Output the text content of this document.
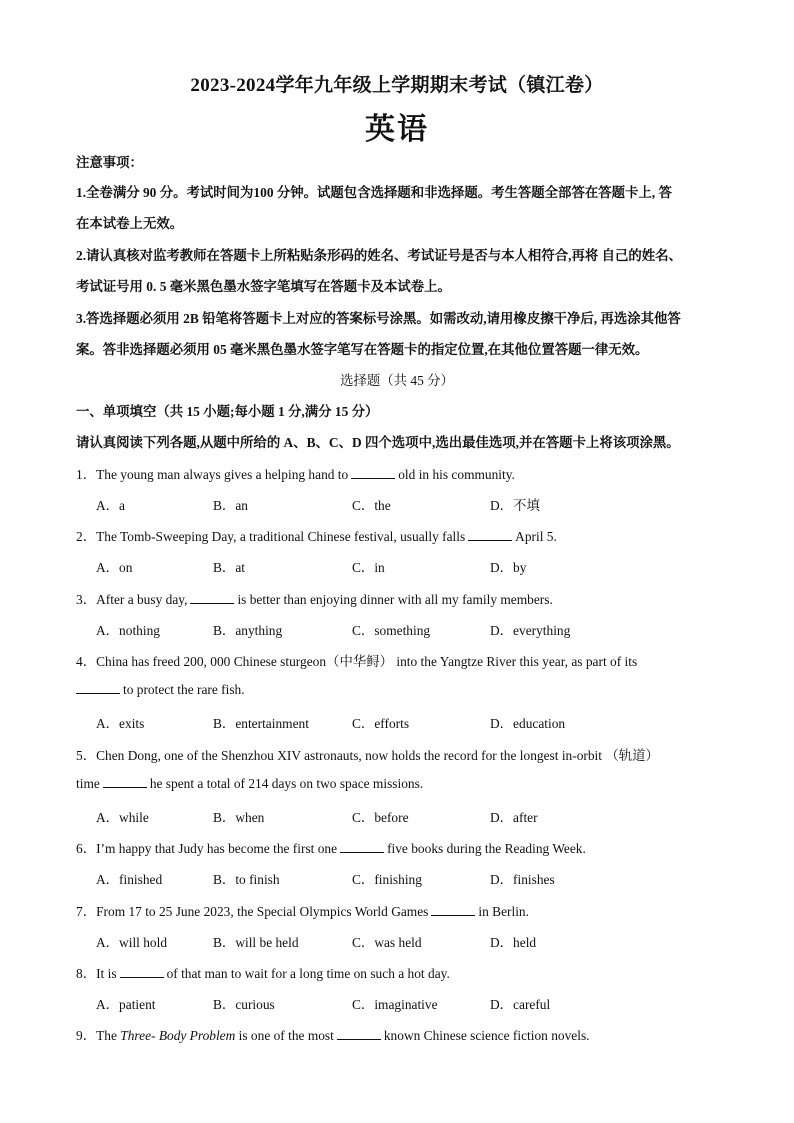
2023-2024学年九年级上学期期末考试（镇江卷）
英语
注意事项：
1.全卷满分 90 分。考试时间为100 分钟。试题包含选择题和非选择题。考生答题全部答在答题卡上, 答
在本试卷上无效。
2.请认真核对监考教师在答题卡上所粘贴条形码的姓名、考试证号是否与本人相符合,再将 自己的姓名、
考试证号用 0. 5 毫米黑色墨水签字笔填写在答题卡及本试卷上。
3.答选择题必须用 2B 铅笔将答题卡上对应的答案标号涂黑。如需改动,请用橡皮擦干净后, 再选涂其他答
案。答非选择题必须用 05 毫米黑色墨水签字笔写在答题卡的指定位置,在其他位置答题一律无效。
选择题（共 45 分）
一、单项填空（共 15 小题;每小题 1 分,满分 15 分）
请认真阅读下列各题,从题中所给的 A、B、C、D 四个选项中,选出最佳选项,并在答题卡上将该项涂黑。
1．The young man always gives a helping hand to	old in his community.
A．a	B．an	C．the	D．不填
2．The Tomb-Sweeping Day, a traditional Chinese festival, usually falls	April 5.
A．on	B．at	C．in	D．by
3．After a busy day,	is better than enjoying dinner with all my family members.
A．nothing	B．anything	C．something	D．everything
4．China has freed 200, 000 Chinese sturgeon（中华鲟） into the Yangtze River this year, as part of its
to protect the rare fish.
A．exits	B．entertainment	C．efforts	D．education
5．Chen Dong, one of the Shenzhou XIV astronauts, now holds the record for the longest in-orbit （轨道）
time	he spent a total of 214 days on two space missions.
A．while	B．when	C．before	D．after
6．I’m happy that Judy has become the first one	five books during the Reading Week.
A．finished	B．to finish	C．finishing	D．finishes
7．From 17 to 25 June 2023, the Special Olympics World Games	in Berlin.
A．will hold	B．will be held	C．was held	D．held
8．It is	of that man to wait for a long time on such a hot day.
A．patient	B．curious	C．imaginative	D．careful
9．The Three- Body Problem is one of the most	known Chinese science fiction novels.
